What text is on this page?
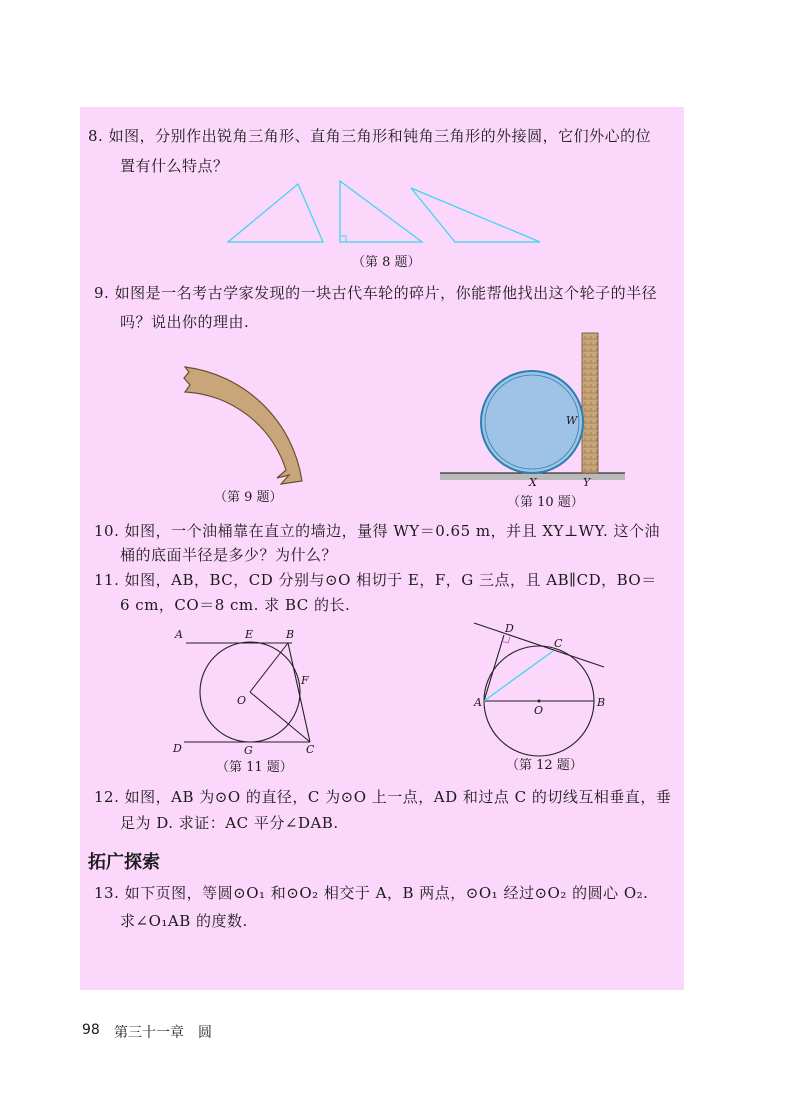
8. 如图，分别作出锐角三角形、直角三角形和钝角三角形的外接圆，它们外心的位
置有什么特点？
（第 8 题）
9. 如图是一名考古学家发现的一块古代车轮的碎片，你能帮他找出这个轮子的半径
吗？说出你的理由.
（第 9 题）
W
X	Y
（第 10 题）
10. 如图，一个油桶靠在直立的墙边，量得 WY＝0.65 m，并且 XY⊥WY. 这个油
桶的底面半径是多少？为什么？
11. 如图，AB，BC，CD 分别与⊙O 相切于 E，F，G 三点，且 AB∥CD，BO＝
6 cm，CO＝8 cm. 求 BC 的长.
A	E	B
O
F
D	G	C
（第 11 题）
D
C
A
O
B
（第 12 题）
12. 如图，AB 为⊙O 的直径，C 为⊙O 上一点，AD 和过点 C 的切线互相垂直，垂
足为 D. 求证：AC 平分∠DAB.
拓广探索
13. 如下页图，等圆⊙O₁ 和⊙O₂ 相交于 A，B 两点，⊙O₁ 经过⊙O₂ 的圆心 O₂.
求∠O₁AB 的度数.
98 第三十一章　圆
